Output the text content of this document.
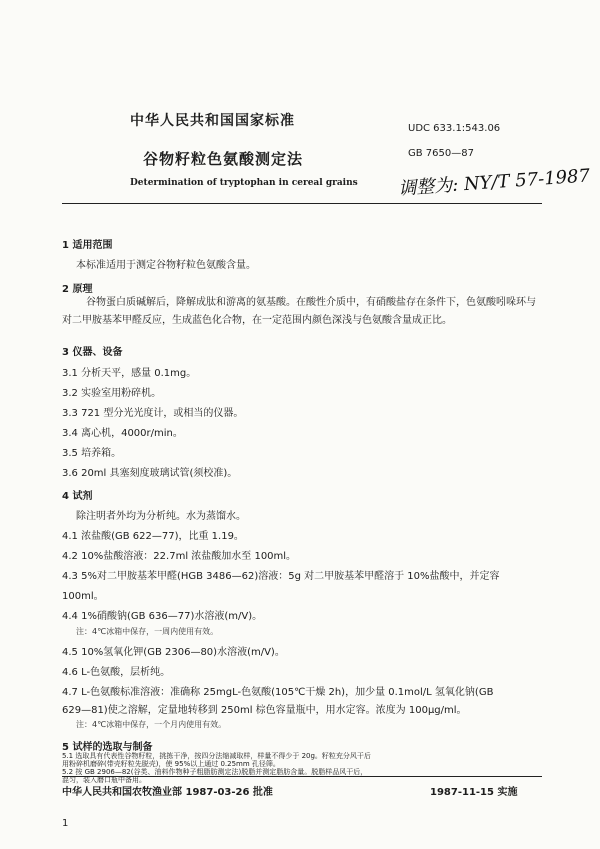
中华人民共和国国家标准	UDC 633.1:543.06
谷物籽粒色氨酸测定法	GB 7650—87
调整为: NY/T 57-1987
Determination of tryptophan in cereal grains
1 适用范围
本标准适用于测定谷物籽粒色氨酸含量。
2 原理
谷物蛋白质碱解后，降解成肽和游离的氨基酸。在酸性介质中，有硝酸盐存在条件下，色氨酸吲哚环与对二甲胺基苯甲醛反应，生成蓝色化合物，在一定范围内颜色深浅与色氨酸含量成正比。
3 仪器、设备
3.1 分析天平，感量 0.1mg。
3.2 实验室用粉碎机。
3.3 721 型分光光度计，或相当的仪器。
3.4 离心机，4000r/min。
3.5 培养箱。
3.6 20ml 具塞刻度玻璃试管(须校准)。
4 试剂
除注明者外均为分析纯。水为蒸馏水。
4.1 浓盐酸(GB 622—77)，比重 1.19。
4.2 10%盐酸溶液：22.7ml 浓盐酸加水至 100ml。
4.3 5%对二甲胺基苯甲醛(HGB 3486—62)溶液：5g 对二甲胺基苯甲醛溶于 10%盐酸中，并定容
100ml。
4.4 1%硝酸钠(GB 636—77)水溶液(m/V)。
注：4℃冰箱中保存，一周内使用有效。
4.5 10%氢氧化钾(GB 2306—80)水溶液(m/V)。
4.6 L-色氨酸，层析纯。
4.7 L-色氨酸标准溶液：准确称 25mgL-色氨酸(105℃干燥 2h)，加少量 0.1mol/L 氢氧化钠(GB
629—81)使之溶解，定量地转移到 250ml 棕色容量瓶中，用水定容。浓度为 100μg/ml。
注：4℃冰箱中保存，一个月内使用有效。
5 试样的选取与制备
中华人民共和国农牧渔业部 1987-03-26 批准	1987-11-15 实施
1
5.1 选取具有代表性谷物籽粒，挑拣干净，按四分法缩减取样，样量不得少于 20g。籽粒充分风干后
用粉碎机磨碎(带壳籽粒先脱壳)，使 95%以上通过 0.25mm 孔径筛。
5.2 按 GB 2906—82(谷类、油料作物种子粗脂肪测定法)脱脂并测定脂肪含量。脱脂样品风干后，
混匀，装入磨口瓶中备用。
